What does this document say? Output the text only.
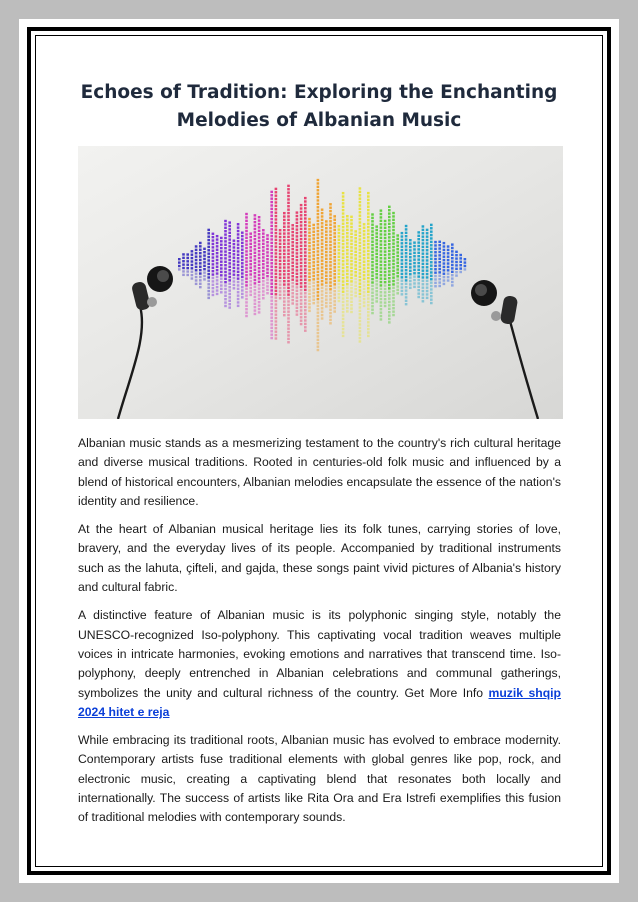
Echoes of Tradition: Exploring the Enchanting Melodies of Albanian Music

Albanian music stands as a mesmerizing testament to the country's rich cultural heritage and diverse musical traditions. Rooted in centuries-old folk music and influenced by a blend of historical encounters, Albanian melodies encapsulate the essence of the nation's identity and resilience.

At the heart of Albanian musical heritage lies its folk tunes, carrying stories of love, bravery, and the everyday lives of its people. Accompanied by traditional instruments such as the lahuta, çifteli, and gajda, these songs paint vivid pictures of Albania's history and cultural fabric.

A distinctive feature of Albanian music is its polyphonic singing style, notably the UNESCO-recognized Iso-polyphony. This captivating vocal tradition weaves multiple voices in intricate harmonies, evoking emotions and narratives that transcend time. Iso-polyphony, deeply entrenched in Albanian celebrations and communal gatherings, symbolizes the unity and cultural richness of the country. Get More Info muzik shqip 2024 hitet e reja

While embracing its traditional roots, Albanian music has evolved to embrace modernity. Contemporary artists fuse traditional elements with global genres like pop, rock, and electronic music, creating a captivating blend that resonates both locally and internationally. The success of artists like Rita Ora and Era Istrefi exemplifies this fusion of traditional melodies with contemporary sounds.
